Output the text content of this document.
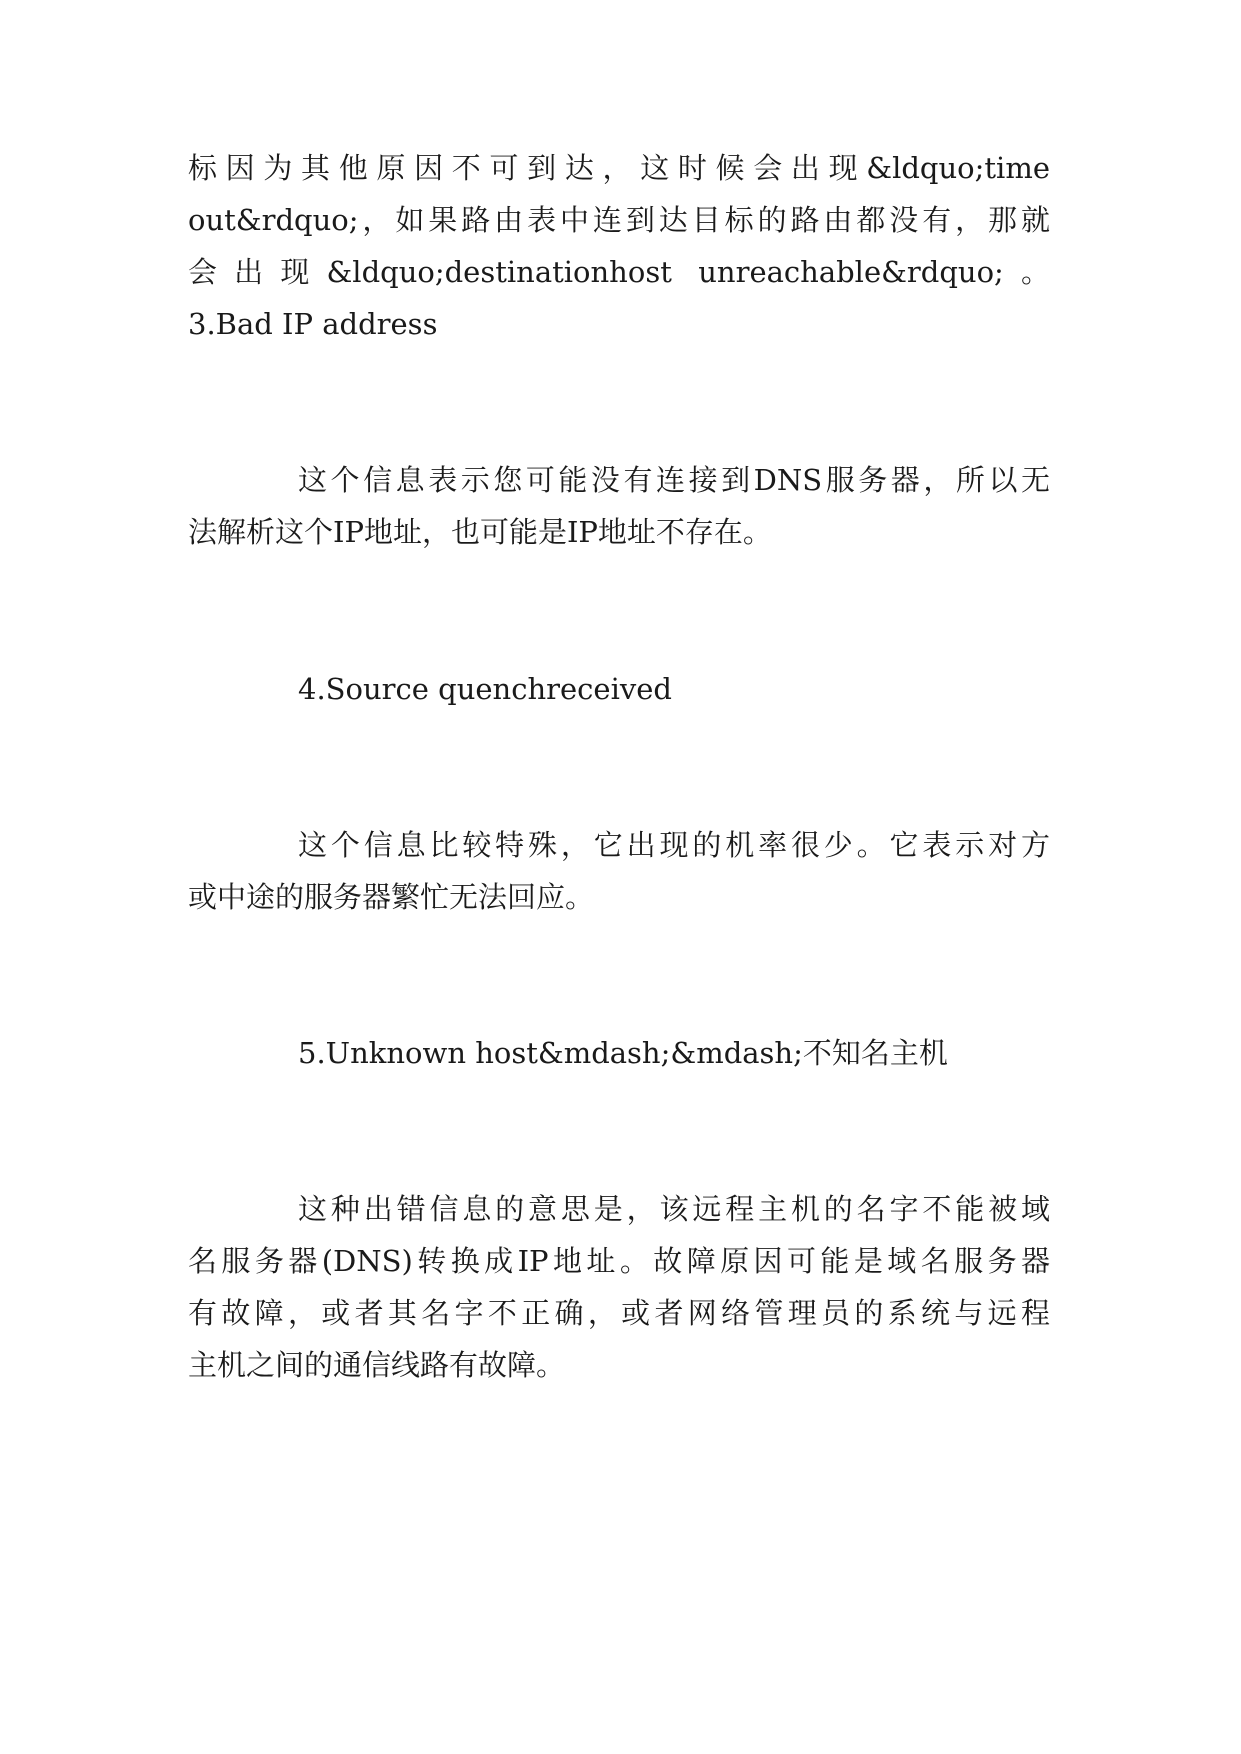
标因为其他原因不可到达，这时候会出现&ldquo;time
out&rdquo;，如果路由表中连到达目标的路由都没有，那就
会出现&ldquo;destinationhost unreachable&rdquo;。
3.Bad IP address
这个信息表示您可能没有连接到DNS服务器，所以无
法解析这个IP地址，也可能是IP地址不存在。
4.Source quenchreceived
这个信息比较特殊，它出现的机率很少。它表示对方
或中途的服务器繁忙无法回应。
5.Unknown host&mdash;&mdash;不知名主机
这种出错信息的意思是，该远程主机的名字不能被域
名服务器(DNS)转换成IP地址。故障原因可能是域名服务器
有故障，或者其名字不正确，或者网络管理员的系统与远程
主机之间的通信线路有故障。
